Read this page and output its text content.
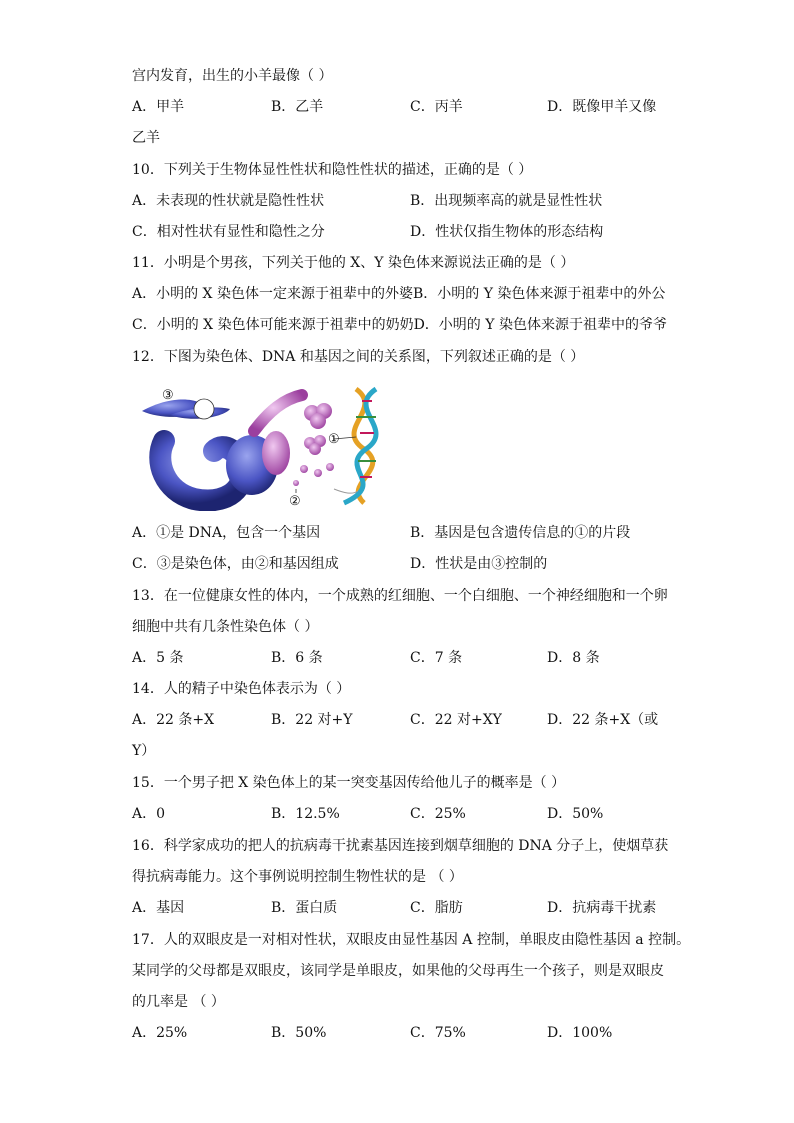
宫内发育，出生的小羊最像（ ）
A．甲羊	B．乙羊	C．丙羊	D．既像甲羊又像
乙羊
10．下列关于生物体显性性状和隐性性状的描述，正确的是（ ）
A．未表现的性状就是隐性性状	B．出现频率高的就是显性性状
C．相对性状有显性和隐性之分	D．性状仅指生物体的形态结构
11．小明是个男孩，下列关于他的 X、Y 染色体来源说法正确的是（ ）
A．小明的 X 染色体一定来源于祖辈中的外婆B．小明的 Y 染色体来源于祖辈中的外公
C．小明的 X 染色体可能来源于祖辈中的奶奶D．小明的 Y 染色体来源于祖辈中的爷爷
12．下图为染色体、DNA 和基因之间的关系图，下列叙述正确的是（ ）
③
①
②
A．①是 DNA，包含一个基因	B．基因是包含遗传信息的①的片段
C．③是染色体，由②和基因组成	D．性状是由③控制的
13．在一位健康女性的体内，一个成熟的红细胞、一个白细胞、一个神经细胞和一个卵
细胞中共有几条性染色体（ ）
A．5 条	B．6 条	C．7 条	D．8 条
14．人的精子中染色体表示为（ ）
A．22 条+X	B．22 对+Y	C．22 对+XY	D．22 条+X（或
Y）
15．一个男子把 X 染色体上的某一突变基因传给他儿子的概率是（ ）
A．0	B．12.5%	C．25%	D．50%
16．科学家成功的把人的抗病毒干扰素基因连接到烟草细胞的 DNA 分子上，使烟草获
得抗病毒能力。这个事例说明控制生物性状的是 （ ）
A．基因	B．蛋白质	C．脂肪	D．抗病毒干扰素
17．人的双眼皮是一对相对性状，双眼皮由显性基因 A 控制，单眼皮由隐性基因 a 控制。
某同学的父母都是双眼皮，该同学是单眼皮，如果他的父母再生一个孩子，则是双眼皮
的几率是 （ ）
A．25%	B．50%	C．75%	D．100%
